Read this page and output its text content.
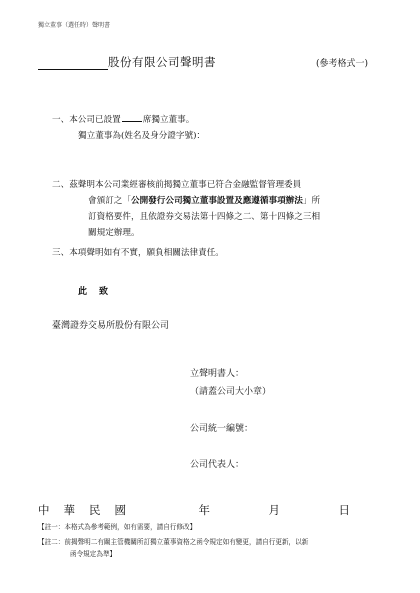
獨立董事（選任時）聲明書
股份有限公司聲明書	(參考格式一)
一、本公司已設置	席獨立董事。
獨立董事為(姓名及身分證字號)：
二、茲聲明本公司業經審核前揭獨立董事已符合金融監督管理委員
會頒訂之「公開發行公司獨立董事設置及應遵循事項辦法」所
訂資格要件，且依證券交易法第十四條之二、第十四條之三相
關規定辦理。
三、本項聲明如有不實，願負相關法律責任。
此致
臺灣證券交易所股份有限公司
立聲明書人：
（請蓋公司大小章）
公司統一編號：
公司代表人：
中華民國	年	月	日
【註一：本格式為參考範例，如有需要，請自行修改】
【註二：前揭聲明二有關主管機關所訂獨立董事資格之函令規定如有變更，請自行更新，以新
函令規定為準】
